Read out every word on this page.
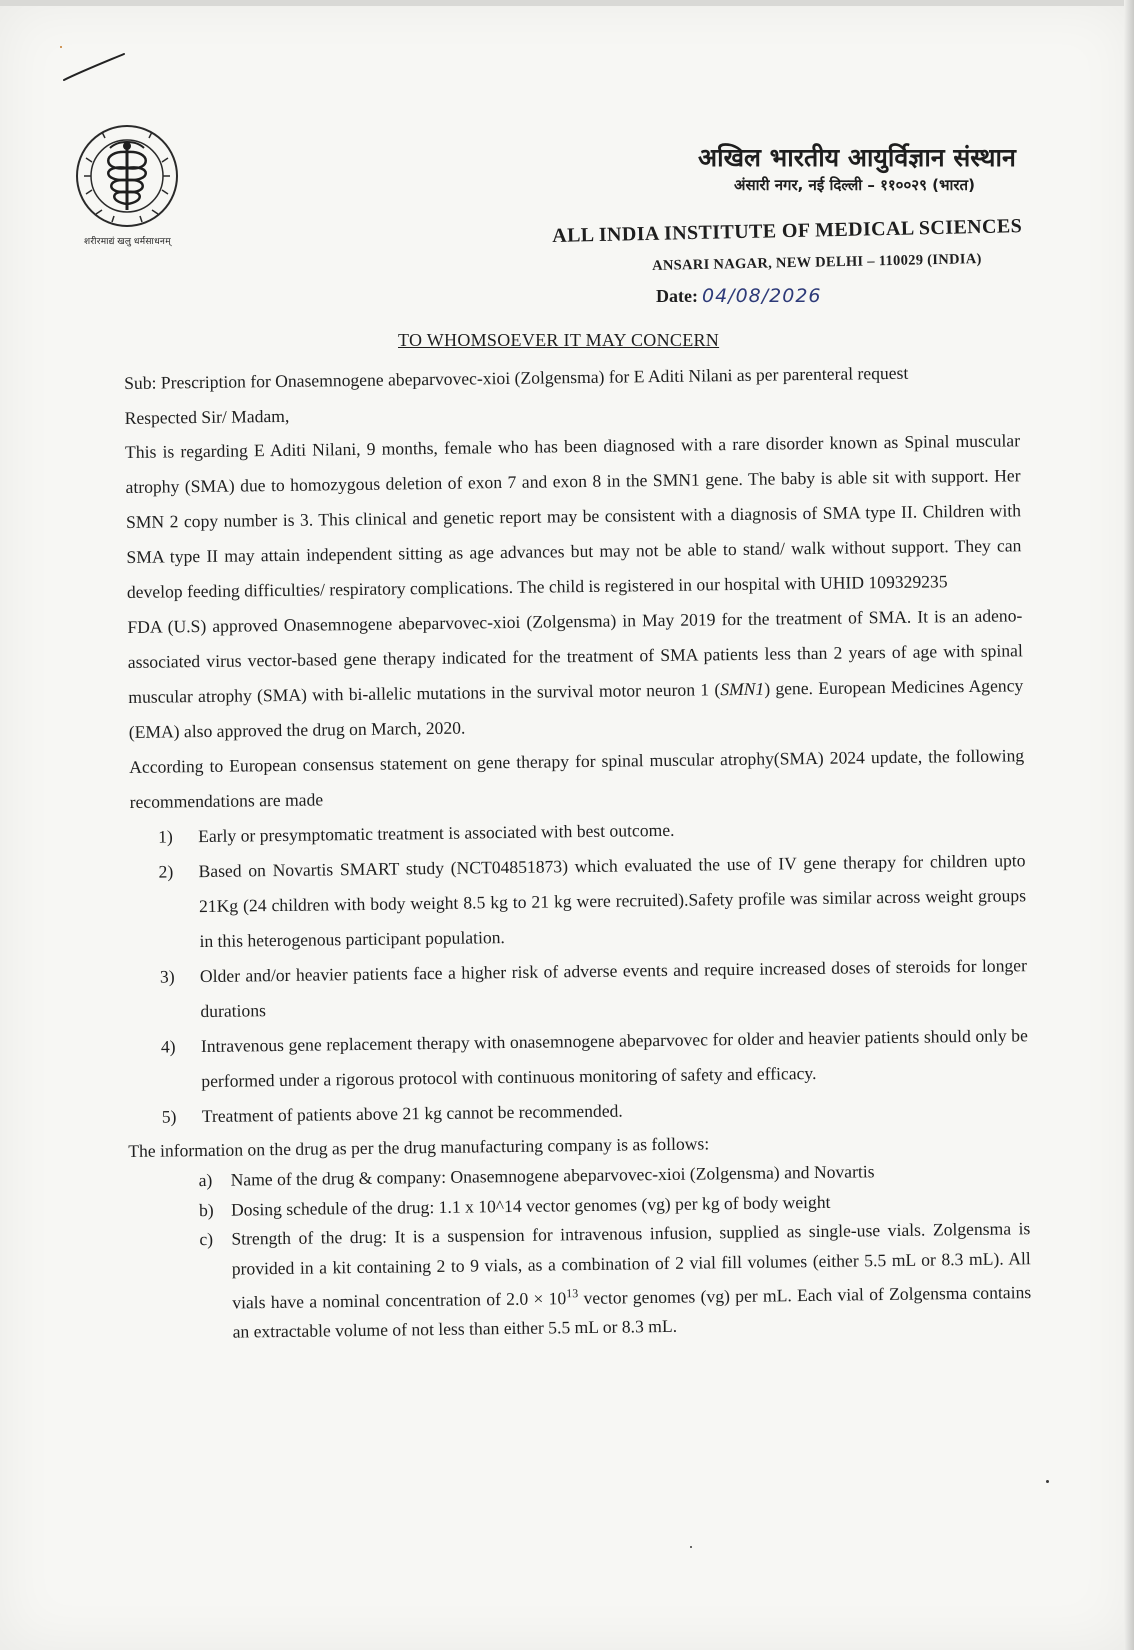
शरीरमाद्यं खलु धर्मसाधनम्
अखिल भारतीय आयुर्विज्ञान संस्थान
अंसारी नगर, नई दिल्ली – ११००२९ (भारत)
ALL INDIA INSTITUTE OF MEDICAL SCIENCES
ANSARI NAGAR, NEW DELHI – 110029 (INDIA)
Date: 04/08/2026
TO WHOMSOEVER IT MAY CONCERN
Sub: Prescription for Onasemnogene abeparvovec-xioi (Zolgensma) for E Aditi Nilani as per parenteral request
Respected Sir/ Madam,

This is regarding E Aditi Nilani, 9 months, female who has been diagnosed with a rare disorder known as Spinal muscular atrophy (SMA) due to homozygous deletion of exon 7 and exon 8 in the SMN1 gene. The baby is able sit with support. Her SMN 2 copy number is 3. This clinical and genetic report may be consistent with a diagnosis of SMA type II. Children with SMA type II may attain independent sitting as age advances but may not be able to stand/ walk without support. They can develop feeding difficulties/ respiratory complications. The child is registered in our hospital with UHID 109329235

FDA (U.S) approved Onasemnogene abeparvovec-xioi (Zolgensma) in May 2019 for the treatment of SMA. It is an adeno-associated virus vector-based gene therapy indicated for the treatment of SMA patients less than 2 years of age with spinal muscular atrophy (SMA) with bi-allelic mutations in the survival motor neuron 1 (SMN1) gene. European Medicines Agency (EMA) also approved the drug on March, 2020.

According to European consensus statement on gene therapy for spinal muscular atrophy(SMA) 2024 update, the following recommendations are made

1) Early or presymptomatic treatment is associated with best outcome.
2) Based on Novartis SMART study (NCT04851873) which evaluated the use of IV gene therapy for children upto 21Kg (24 children with body weight 8.5 kg to 21 kg were recruited).Safety profile was similar across weight groups in this heterogenous participant population.
3) Older and/or heavier patients face a higher risk of adverse events and require increased doses of steroids for longer durations
4) Intravenous gene replacement therapy with onasemnogene abeparvovec for older and heavier patients should only be performed under a rigorous protocol with continuous monitoring of safety and efficacy.
5) Treatment of patients above 21 kg cannot be recommended.
The information on the drug as per the drug manufacturing company is as follows:
a) Name of the drug & company: Onasemnogene abeparvovec-xioi (Zolgensma) and Novartis
b) Dosing schedule of the drug: 1.1 x 10^14 vector genomes (vg) per kg of body weight
c) Strength of the drug: It is a suspension for intravenous infusion, supplied as single-use vials. Zolgensma is provided in a kit containing 2 to 9 vials, as a combination of 2 vial fill volumes (either 5.5 mL or 8.3 mL). All vials have a nominal concentration of $2.0 \times 10^{13}$ vector genomes (vg) per mL. Each vial of Zolgensma contains an extractable volume of not less than either 5.5 mL or 8.3 mL.
